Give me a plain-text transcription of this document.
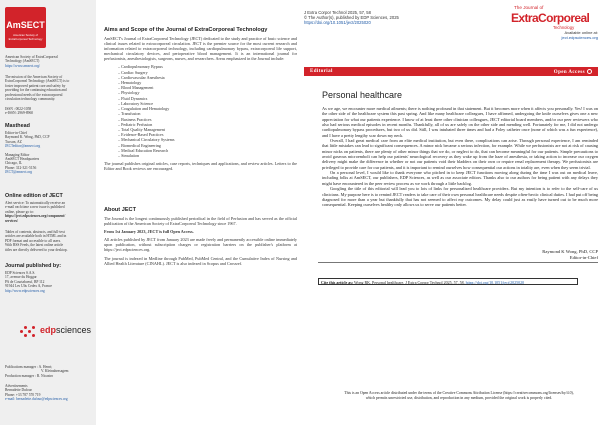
AmSECT
American Society of ExtraCorporeal Technology
American Society of ExtraCorporeal
Technology (AmSECT)
https://www.amsect.org/
The mission of the American Society of
ExtraCorporeal Technology (AmSECT) is to
foster improved patient care and safety by
providing for the continuing education and
professional needs of the extracorporeal
circulation technology community.
ISSN : 0022-1058
e-ISSN: 2969-8960
Masthead
Editor-in-Chief
Raymond K. Wong, PhD, CCP
Tucson, AZ
JECTeditor@amsect.org
Managing Editor
AmSECT Headquarters
Chicago, IL
Phone: 312-321-5156
JECT@amsect.org
Online edition of JECT
Alert service: To automatically receive an
e-mail each time a new issue is published
online, please go to:
https://ject.edpsciences.org/component/
services/
Tables of contents, abstracts, and full-text
articles are available both in HTML and in
PDF format and accessible to all users.
With RSS Feeds, the latest online article
titles are directly delivered to your desktop.
Journal published by:
EDP Sciences S.A.S.
17, avenue du Hoggar
PA de Courtaboeuf, BP 112
91944 Les Ulis Cedex A, France
http://www.edpsciences.org
edpsciences
Publications manager : A. Henri;
V. Kleinahrnsagem
Production manager : R. Nicastro
Advertisements
Bernadette Dufour
Phone: +33 787 570 719
e-mail: bernadette.dufour@edpsciences.org
Aims and Scope of the Journal of ExtraCorporeal Technology
AmSECT's Journal of ExtraCorporeal Technology (JECT) dedicated to the study and practice of basic science and clinical issues related to extracorporeal circulation. JECT is the premier source for the most current research and information related to extracorporeal technology, including cardiopulmonary bypass, extracorporeal life support, mechanical circulatory devices, and perioperative blood management. It is an international journal for perfusionists, anesthesiologists, surgeons, nurses, and researchers. Areas emphasized in the Journal include:
– Cardiopulmonary Bypass
– Cardiac Surgery
– Cardiovascular Anesthesia
– Hematology
– Blood Management
– Physiology
– Fluid Dynamics
– Laboratory Science
– Coagulation and Hematology
– Transfusion
– Business Practices
– Pediatric Perfusion
– Total Quality Management
– Evidence-Based Practices
– Mechanical Circulatory Systems
– Biomedical Engineering
– Medical Education Research
– Simulation
The journal publishes original articles, case reports, techniques and applications, and review articles. Letters to the Editor and Book reviews are encouraged.
About JECT
The Journal is the longest continuously published periodical in the field of Perfusion and has served as the official publication of the American Society of ExtraCorporeal Technology since 1967.
From 1st January 2023, JECT is full Open Access.
All articles published by JECT from January 2023 are made freely and permanently accessible online immediately upon publication, without subscription charges or registration barriers on the publisher's platform at https://ject.edpsciences.org.
The journal is indexed in Medline through PubMed, PubMed Central, and the Cumulative Index of Nursing and Allied Health Literature (CINAHL). JECT is also indexed in Scopus and Crossref.
J Extra Corpor Technol 2025, 57, 58
© The Author(s), published by EDP Sciences, 2025
https://doi.org/10.1051/ject/2025020
The Journal of
ExtraCorporeal
Technology
Available online at:
ject.edpsciences.org
Editorial	Open Access
Personal healthcare

As we age, we encounter more medical ailments; there is nothing profound in that statement. But it becomes more when it affects you personally. Yes! I was on the other side of the healthcare system this past spring. And like many healthcare colleagues, I have affirmed, undergoing the knife ourselves gives one a new appreciation for what our patients experience. I know of at least three other clinician colleagues, JECT editorial board members, and/or our peer reviewers who also had serious medical episodes in recent months. Thankfully, all of us are safely on the other side and mending well. Fortunately for me, I did not undergo cardiopulmonary bypass procedures, but two of us did. Still, I was intubated three times and had a Foley catheter once (none of which was a fun experience), and I have a pretty lengthy scar down my neck.

Overall, I had great medical care from an elite medical institution, but even there, complications can arise. Through personal experience, I am reminded that little mistakes can lead to significant consequences. A minor nick became a serious infection, for example. While we perfusionists are not at risk of causing minor nicks on patients, there are plenty of other minor things that we do, or neglect to do, that can become meaningful for our patients. Simple precautions to avoid gaseous microemboli can help our patients' neurological recovery as they wake up from the haze of anesthesia, or taking action to increase our oxygen delivery might make the difference in whether or not our patients void their bladders on their own or require renal replacement therapy. We perfusionists are privileged to provide care for our patients, and it is important to remind ourselves how consequential our actions in totality are, even when they seem trivial.

On a personal level, I would like to thank everyone who pitched in to keep JECT functions moving along during the time I was out on medical leave, including folks at AmSECT, our publishers, EDP Sciences, as well as our associate editors. Thanks also to our authors for being patient with any delays they might have encountered in the peer review process as we work through a little backlog.

Googling the title of this editorial will lead you to lots of links for personalized healthcare providers. But my intention is to refer to the self-care of us clinicians. My purpose here is to remind JECT readers to take care of their own personal healthcare needs despite often-hectic clinical duties. I had put off being diagnosed for more than a year but thankfully that has not seemed to affect my outcomes. My delay could just as easily have turned out to be much more consequential. Keeping ourselves healthy only allows us to serve our patients better.

Raymond K Wong, PhD, CCP
Editor-in-Chief
Cite this article as: Wong RK. Personal healthcare. J Extra Corpor Technol 2025, 57, 58. https://doi.org/10.1051/ject/2025020
This is an Open Access article distributed under the terms of the Creative Commons Attribution License (https://creativecommons.org/licenses/by/4.0),
which permits unrestricted use, distribution, and reproduction in any medium, provided the original work is properly cited.
